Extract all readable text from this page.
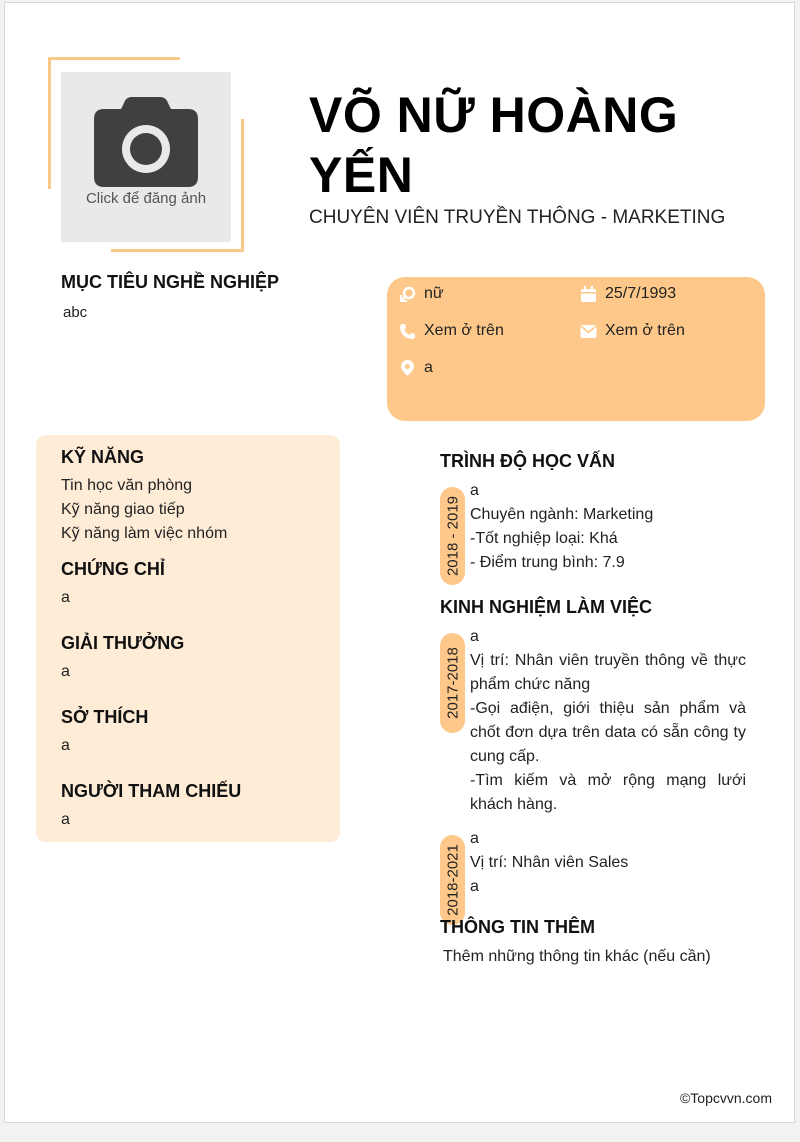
Click để đăng ảnh
VÕ NỮ HOÀNG YẾN
CHUYÊN VIÊN TRUYỀN THÔNG - MARKETING
MỤC TIÊU NGHỀ NGHIỆP
abc
nữ	25/7/1993
Xem ở trên	Xem ở trên
a
KỸ NĂNG
Tin học văn phòng
Kỹ năng giao tiếp
Kỹ năng làm việc nhóm
CHỨNG CHỈ
a
GIẢI THƯỞNG
a
SỞ THÍCH
a
NGƯỜI THAM CHIẾU
a
TRÌNH ĐỘ HỌC VẤN
2018 - 2019
a
Chuyên ngành: Marketing
-Tốt nghiệp loại: Khá
- Điểm trung bình: 7.9
KINH NGHIỆM LÀM VIỆC
2017-2018
a
Vị trí: Nhân viên truyền thông về thực phẩm chức năng
-Gọi ađiện, giới thiệu sản phẩm và chốt đơn dựa trên data có sẵn công ty cung cấp.
-Tìm kiếm và mở rộng mạng lưới khách hàng.
2018-2021
a
Vị trí: Nhân viên Sales
a
THÔNG TIN THÊM
Thêm những thông tin khác (nếu cần)
©Topcvvn.com
